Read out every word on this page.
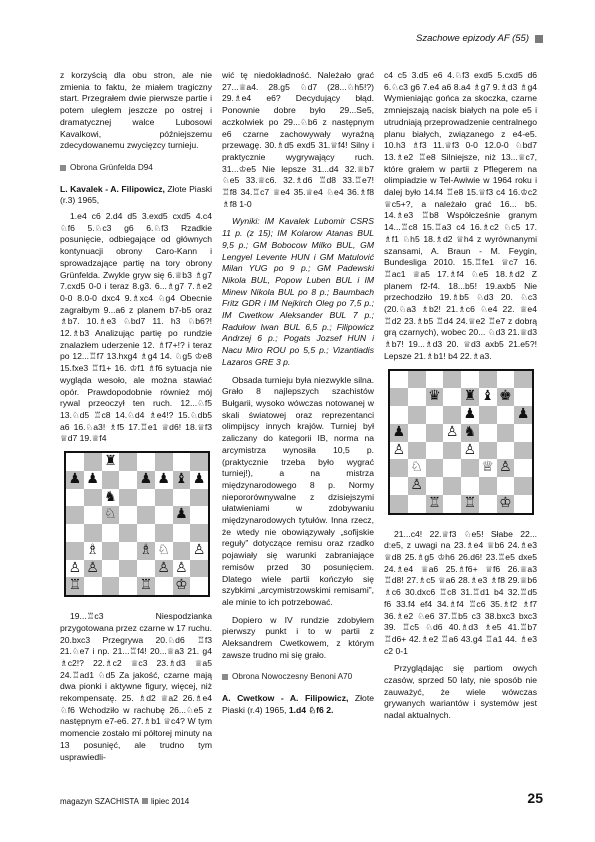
Szachowe epizody AF (55)

z korzyścią dla obu stron, ale nie zmienia to faktu, że miałem tragiczny start. Przegrałem dwie pierwsze partie i potem uległem jeszcze po ostrej i dramatycznej walce Lubosowi Kavalkowi, późniejszemu zdecydowanemu zwycięzcy turnieju.

Obrona Grünfelda D94

L. Kavalek - A. Filipowicz, Złote Piaski (r.3) 1965,

1.e4 c6 2.d4 d5 3.exd5 cxd5 4.c4 ♘f6 5.♘c3 g6 6.♘f3 Rzadkie posunięcie, odbiegające od głównych kontynuacji obrony Caro-Kann i sprowadzające partię na tory obrony Grünfelda. Zwykle gryw się 6.♕b3 ♗g7 7.cxd5 0-0 i teraz 8.g3. 6...♗g7 7.♗e2 0-0 8.0-0 dxc4 9.♗xc4 ♘g4 Obecnie zagrałbym 9...a6 z planem b7-b5 oraz ♗b7. 10.♗e3 ♘bd7 11. h3 ♘b6?! 12.♗b3 Analizując partię po rundzie znalazłem uderzenie 12. ♗f7+!? i teraz po 12...♖f7 13.hxg4 ♗g4 14. ♘g5 ♔e8 15.fxe3 ♖f1+ 16. ♔f1 ♗f6 sytuacja nie wygląda wesoło, ale można stawiać opór. Prawdopodobnie również mój rywal przeoczył ten ruch. 12...♘f5 13.♘d5 ♖c8 14.♘d4 ♗e4!? 15.♘db5 a6 16.♘a3! ♗f5 17.♖e1 ♕d6! 18.♕f3 ♕d7 19.♕f4

♜
♟ ♟	♟ ♟ ♝ ♟
♞
♘	♟
♗	♗ ♘ ♙
♙ ♙	♙ ♙
♖	♖ ♔

19...♖c3 Niespodzianka przygotowana przez czarne w 17 ruchu. 20.bxc3 Przegrywa 20.♘d6 ♖f3 21.♘e7 i np. 21...♖f4! 20...♕a3 21. g4 ♗c2!? 22.♗c2 ♕c3 23.♗d3 ♕a5 24.♖ad1 ♘d5 Za jakość, czarne mają dwa pionki i aktywne figury, więcej, niż rekompensatę. 25. ♗d2 ♕a2 26.♗e4 ♘f6 Wchodziło w rachubę 26...♘e5 z następnym e7-e6. 27.♗b1 ♕c4? W tym momencie zostało mi półtorej minuty na 13 posunięć, ale trudno tym usprawiedli-

wić tę niedokładność. Należało grać 27...♕a4. 28.g5 ♘d7 (28...♘h5!?) 29.♗e4 e6? Decydujący błąd. Ponownie dobre było 29...Se5, aczkolwiek po 29...♘b6 z następnym e6 czarne zachowywały wyraźną przewagę. 30.♗d5 exd5 31.♕f4! Silny i praktycznie wygrywający ruch. 31...♔e5 Nie lepsze 31...d4 32.♕b7 ♘e5 33.♕c6. 32.♗d6 ♖d8 33.♖e7! ♖f8 34.♖c7 ♕e4 35.♕e4 ♘e4 36.♗f8 ♗f8 1-0

Wyniki: IM Kavalek Lubomir CSRS 11 p. (z 15); IM Kolarow Atanas BUL 9,5 p.; GM Bobocow Milko BUL, GM Lengyel Levente HUN i GM Matulović Milan YUG po 9 p.; GM Padewski Nikola BUL, Popow Luben BUL i IM Minew Nikola BUL po 8 p.; Baumbach Fritz GDR i IM Nejkirch Oleg po 7,5 p.; IM Cwetkow Aleksander BUL 7 p.; Radułow Iwan BUL 6,5 p.; Filipowicz Andrzej 6 p.; Pogats Jozsef HUN i Nacu Miro ROU po 5,5 p.; Vizantiadis Lazaros GRE 3 p.

Obsada turnieju była niezwykle silna. Grało 8 najlepszych szachistów Bułgarii, wysoko wówczas notowanej w skali światowej oraz reprezentanci olimpijscy innych krajów. Turniej był zaliczany do kategorii IB, norma na arcymistrza wynosiła 10,5 p. (praktycznie trzeba było wygrać turniej!), a na mistrza międzynarodowego 8 p. Normy niepororównywalne z dzisiejszymi ułatwieniami w zdobywaniu międzynarodowych tytułów. Inna rzecz, że wtedy nie obowiązywały „sofijskie reguły” dotyczące remisu oraz rzadko pojawiały się warunki zabraniające remisów przed 30 posunięciem. Dlatego wiele partii kończyło się szybkimi „arcymistrzowskimi remisami”, ale minie to ich potrzebować.

Dopiero w IV rundzie zdobyłem pierwszy punkt i to w partii z Aleksandrem Cwetkowem, z którym zawsze trudno mi się grało.

Obrona Nowoczesny Benoni A70

A. Cwetkow - A. Filipowicz, Złote Piaski (r.4) 1965, 1.d4 ♘f6 2.

c4 c5 3.d5 e6 4.♘f3 exd5 5.cxd5 d6 6.♘c3 g6 7.e4 a6 8.a4 ♗g7 9.♗d3 ♗g4 Wymieniając gońca za skoczka, czarne zmniejszają nacisk białych na pole e5 i utrudniają przeprowadzenie centralnego planu białych, związanego z e4-e5. 10.h3 ♗f3 11.♕f3 0-0 12.0-0 ♘bd7 13.♗e2 ♖e8 Silniejsze, niż 13...♕c7, które grałem w partii z Pflegerem na olimpiadzie w Tel-Awiwie w 1964 roku i dalej było 14.f4 ♖e8 15.♕f3 c4 16.♔c2 ♕c5+?, a należało grać 16... b5. 14.♗e3 ♖b8 Współcześnie granym 14...♖c8 15.♖a3 c4 16.♗c2 ♘c5 17. ♗f1 ♘h5 18.♗d2 ♕h4 z wyrównanymi szansami, A. Braun - M. Feygin, Bundesliga 2010. 15.♖fe1 ♕c7 16. ♖ac1 ♕a5 17.♗f4 ♘e5 18.♗d2 Z planem f2-f4. 18...b5! 19.axb5 Nie przechodziło 19.♗b5 ♘d3 20. ♘c3 (20.♘a3 ♗b2! 21.♗c6 ♘e4 22. ♕e4 ♖d2 23.♗b5 ♖d4 24.♕e2 ♖e7 z dobrą grą czarnych), wobec 20... ♘d3 21.♕d3 ♗b7! 19...♗d3 20. ♕d3 axb5 21.e5?! Lepsze 21.♗b1! b4 22.♗a3.

♛ ♜ ♝ ♚
♟	♟
♟	♙ ♞
♙	♙
♘	♕ ♙
♙
♖ ♖ ♔

21...c4! 22.♕f3 ♘e5! Słabe 22... d:e5, z uwagi na 23.♗e4 ♕b6 24.♗e3 ♕d8 25.♗g5 ♔h6 26.d6! 23.♖e5 dxe5 24.♗e4 ♕a6 25.♗f6+ ♕f6 26.♕a3 ♖d8! 27.♗c5 ♕a6 28.♗e3 ♗f8 29.♕b6 ♗c6 30.dxc6 ♖c8 31.♖d1 b4 32.♖d5 f6 33.f4 ef4 34.♗f4 ♖c6 35.♗f2 ♗f7 36.♗e2 ♘e6 37.♖b5 c3 38.bxc3 bxc3 39. ♖c5 ♘d6 40.♗d3 ♗e5 41.♖b7 ♖d6+ 42.♗e2 ♖a6 43.g4 ♖a1 44. ♗e3 c2 0-1

Przyglądając się partiom owych czasów, sprzed 50 laty, nie sposób nie zauważyć, że wiele wówczas grywanych wariantów i systemów jest nadal aktualnych.

magazyn SZACHISTA lipiec 2014	25
